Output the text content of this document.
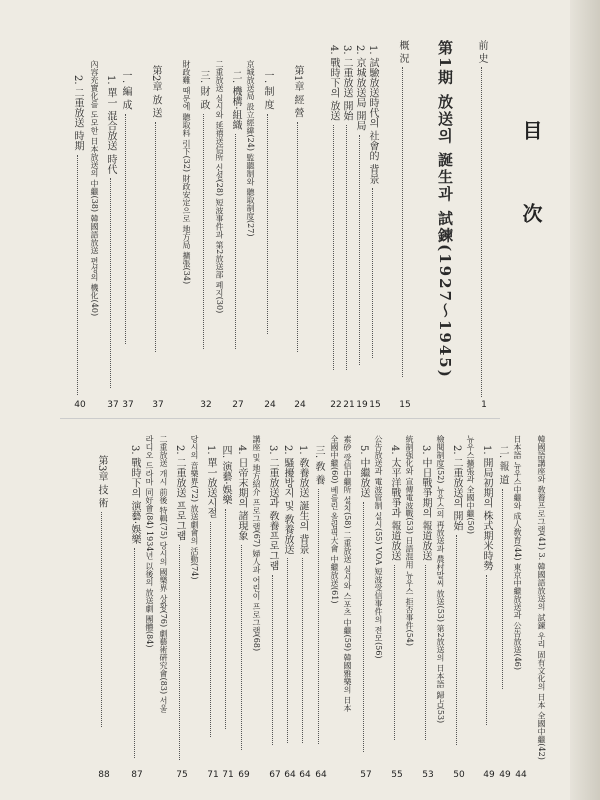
目 次
前 史
1
第1期 放送의 誕生과 試鍊(1927〜1945)
概 況
15
1. 試驗放送時代의 社會的 背景
15
2. 京城放送局 開局
19
3. 二重放送 開始
21
4. 戰時下의 放送
22
第1章 經 營
24
一. 制 度
24
京城放送局 設立經緯(24) 監聽制와 聽取制度(27)
二. 機構·組織
27
二重放送 실시와 延禧送信所 신설(28) 短波事件과 第2放送部 폐지(30)
三. 財 政
32
財政難 때문에 聽取料 引下(32) 財政安定으로 地方局 擴張(34)
第2章 放 送
37
一. 編 成
37
1. 單一 混合放送 時代
37
內容充實化를 도모한 日本放送의 中繼(38) 韓國語放送 편성의 機化(40)
2. 二重放送 時期
40
韓國語講座와 敎養프로그램(41) 3. 韓國語放送의 試鍊 우리 固有文化의 日本 全國中繼(42)
日本語 뉴우스中繼와 成人敎育(44) 東京中繼放送과 公告放送(46)
44
二. 報 道
49
1. 開局初期의 株式期米時勢
49
뉴우스擴張과 全國中繼(50)
2. 二重放送의 開始
50
檢閱制度(52) 뉴우스의 再放送과 農村말씨 放送(53) 第2放送의 日本語 歸占(53)
3. 中日戰爭期의 報道放送
53
統制强化와 宣傳電波戰(53) 日語混用 뉴우스 拒否事件(54)
4. 太平洋戰爭과 報道放送
55
公告放送과 電波管制 실시(55) VOA 短波受信事件의 전모(56)
5. 中繼放送
57
素砂 受信中繼所 설치(58) 二重放送 실시와 스포츠 中繼(59) 韓國雅樂의 日本
全國中繼(60) 베를린 올림픽大會 中繼放送(61)
三. 敎 養
64
1. 敎養放送 誕生의 背景
64
2. 騷擾방지 및 敎養放送
64
3. 二重放送과 敎養프로그램
67
講座 및 地方紹介 프로그램(67) 婦人과 어린이 프로그램(68)
4. 日帝末期의 諸現象
69
四. 演藝·娛樂
71
1. 單一放送시절
71
당시의 音樂界(72) 放送劇會의 活動(74)
2. 二重放送 프로그램
75
二重放送 개시 前後 特輯(75) 당시의 國樂界 상황(76) 劇藝術硏究會(83) 서울
라디오 드라마 同好會(84) 1934년 以後의 放送劇 團體(84)
3. 戰時下의 演藝·娛樂
87
第3章 技 術
88
